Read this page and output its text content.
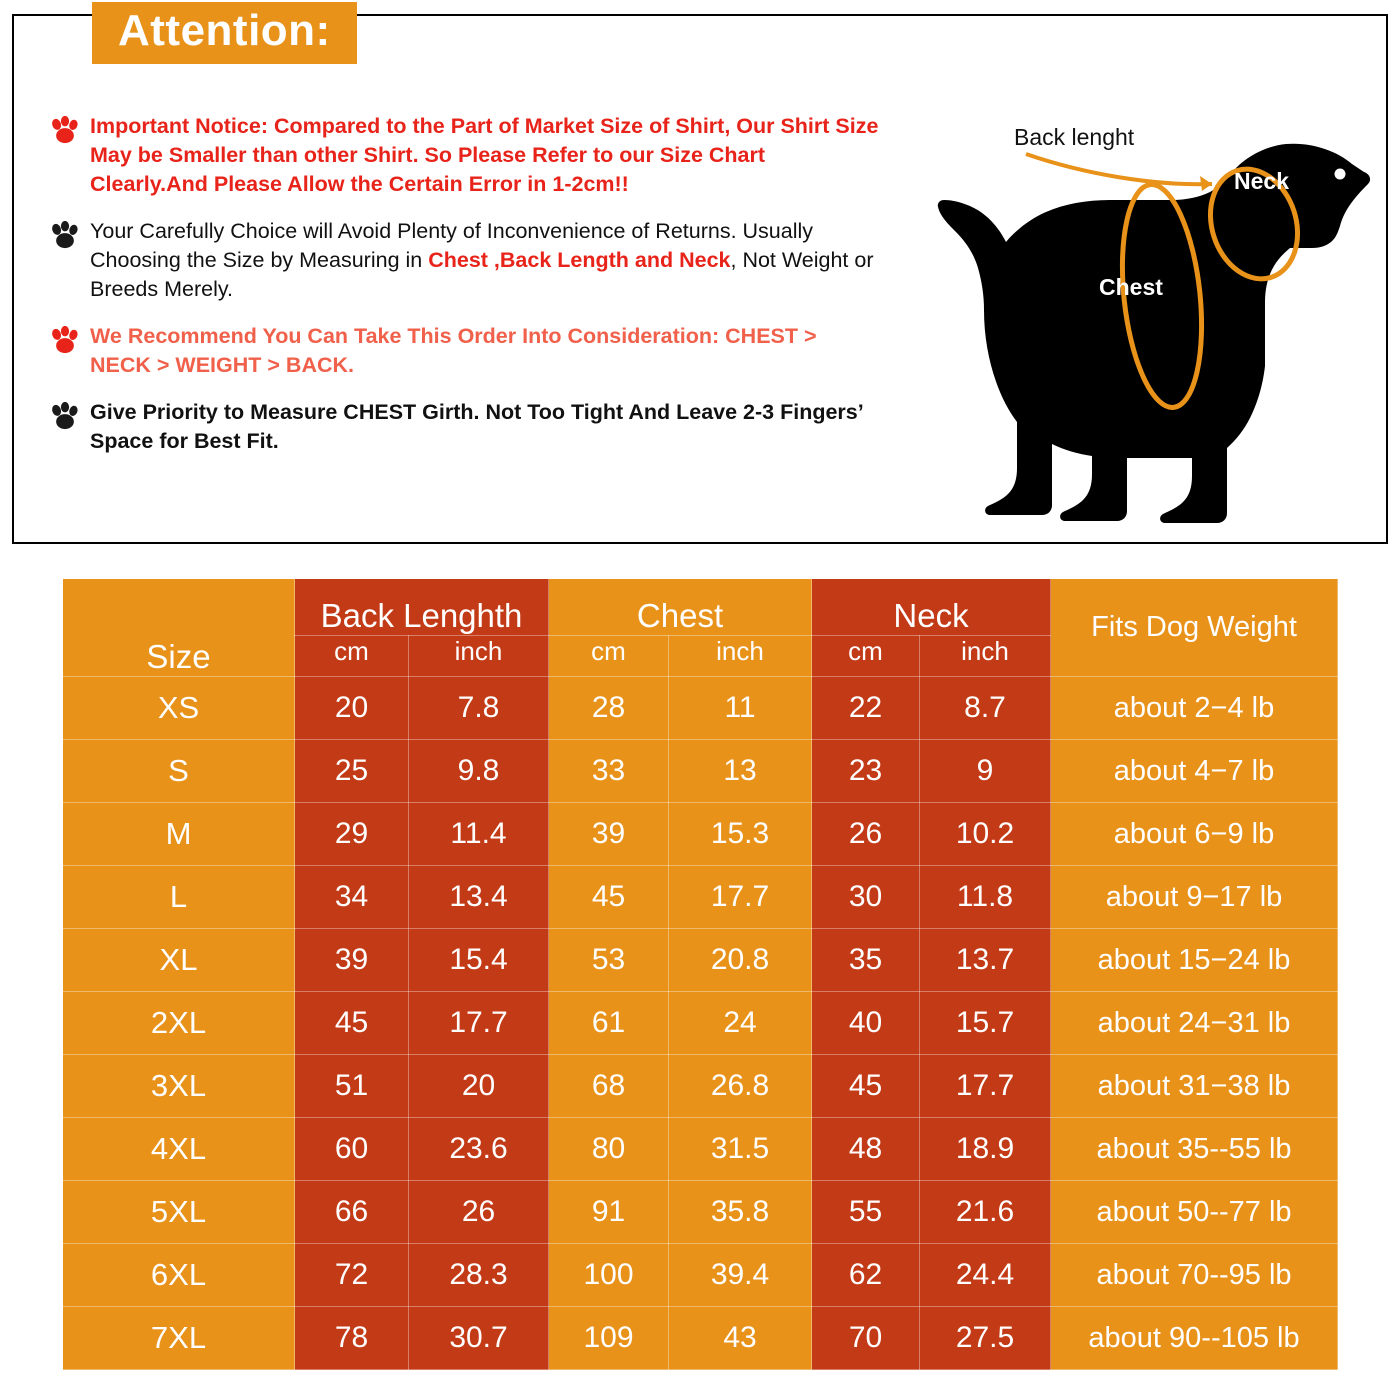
Attention:
Important Notice: Compared to the Part of Market Size of Shirt, Our Shirt Size May be Smaller than other Shirt. So Please Refer to our Size Chart Clearly.And Please Allow the Certain Error in 1-2cm!!
Your Carefully Choice will Avoid Plenty of Inconvenience of Returns. Usually Choosing the Size by Measuring in Chest ,Back Length and Neck, Not Weight or Breeds Merely.
We Recommend You Can Take This Order Into Consideration: CHEST > NECK > WEIGHT > BACK.
Give Priority to Measure CHEST Girth. Not Too Tight And Leave 2-3 Fingers’ Space for Best Fit.
Back lenght
Neck
Chest
Size	Back Lenghth		Chest		Neck		Fits Dog Weight
	cm	inch	cm	inch	cm	inch	
XS	20	7.8	28	11	22	8.7	about 2−4 lb
S	25	9.8	33	13	23	9	about 4−7 lb
M	29	11.4	39	15.3	26	10.2	about 6−9 lb
L	34	13.4	45	17.7	30	11.8	about 9−17 lb
XL	39	15.4	53	20.8	35	13.7	about 15−24 lb
2XL	45	17.7	61	24	40	15.7	about 24−31 lb
3XL	51	20	68	26.8	45	17.7	about 31−38 lb
4XL	60	23.6	80	31.5	48	18.9	about 35--55 lb
5XL	66	26	91	35.8	55	21.6	about 50--77 lb
6XL	72	28.3	100	39.4	62	24.4	about 70--95 lb
7XL	78	30.7	109	43	70	27.5	about 90--105 lb
